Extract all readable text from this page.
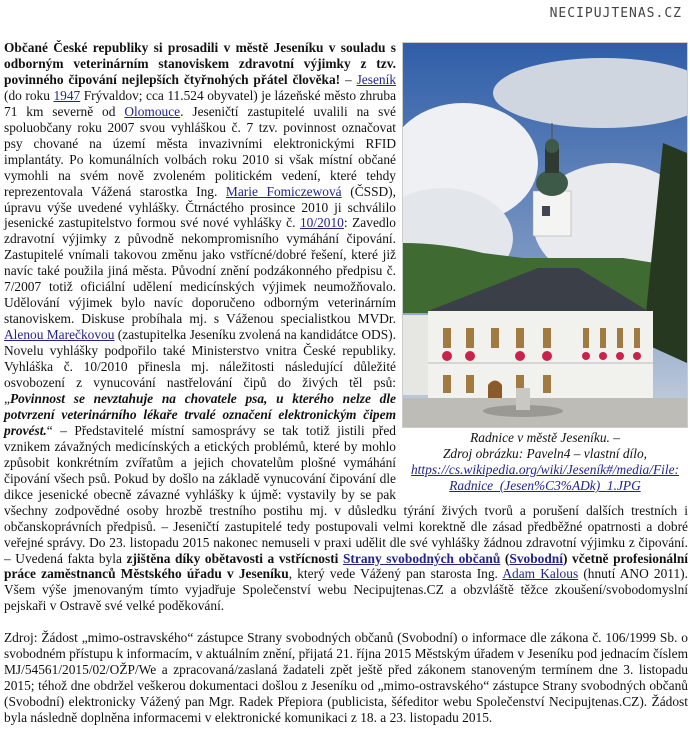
NECIPUJTENAS.CZ
Radnice v městě Jeseníku. –
Zdroj obrázku: Paveln4 – vlastní dílo,
https://cs.wikipedia.org/wiki/Jeseník#/media/File: Radnice_(Jesen%C3%ADk)_1.JPG

Občané České republiky si prosadili v městě Jeseníku v souladu s odborným veterinárním stanoviskem zdravotní výjimky z tzv. povinného čipování nejlepších čtyřnohých přátel člověka! – Jeseník (do roku 1947 Frývaldov; cca 11.524 obyvatel) je lázeňské město zhruba 71 km severně od Olomouce. Jeseničtí zastupitelé uvalili na své spoluobčany roku 2007 svou vyhláškou č. 7 tzv. povinnost označovat psy chované na území města invazivními elektronickými RFID implantáty. Po komunálních volbách roku 2010 si však místní občané vymohli na svém nově zvoleném politickém vedení, které tehdy reprezentovala Vážená starostka Ing. Marie Fomiczewová (ČSSD), úpravu výše uvedené vyhlášky. Čtrnáctého prosince 2010 ji schválilo jesenické zastupitelstvo formou své nové vyhlášky č. 10/2010: Zavedlo zdravotní výjimky z původně nekompromisního vymáhání čipování. Zastupitelé vnímali takovou změnu jako vstřícné/dobré řešení, které již navíc také použila jiná města. Původní znění podzákonného předpisu č. 7/2007 totiž oficiální udělení medicínských výjimek neumožňovalo. Udělování výjimek bylo navíc doporučeno odborným veterinárním stanoviskem. Diskuse probíhala mj. s Váženou specialistkou MVDr. Alenou Marečkovou (zastupitelka Jeseníku zvolená na kandidátce ODS). Novelu vyhlášky podpořilo také Ministerstvo vnitra České republiky. Vyhláška č. 10/2010 přinesla mj. náležitosti následující důležité osvobození z vynucování nastřelování čipů do živých těl psů: „Povinnost se nevztahuje na chovatele psa, u kterého nelze dle potvrzení veterinárního lékaře trvalé označení elektronickým čipem provést.“ – Představitelé místní samosprávy se tak totiž jistili před vznikem závažných medicínských a etických problémů, které by mohlo způsobit konkrétním zvířatům a jejich chovatelům plošné vymáhání čipování všech psů. Pokud by došlo na základě vynucování čipování dle dikce jesenické obecně závazné vyhlášky k újmě: vystavily by se pak všechny zodpovědné osoby hrozbě trestního postihu mj. v důsledku týrání živých tvorů a porušení dalších trestních i občanskoprávních předpisů. – Jeseničtí zastupitelé tedy postupovali velmi korektně dle zásad předběžné opatrnosti a dobré veřejné správy. Do 23. listopadu 2015 nakonec nemuseli v praxi udělit dle své vyhlášky žádnou zdravotní výjimku z čipování. – Uvedená fakta byla zjištěna díky obětavosti a vstřícnosti Strany svobodných občanů (Svobodní) včetně profesionální práce zaměstnanců Městského úřadu v Jeseníku, který vede Vážený pan starosta Ing. Adam Kalous (hnutí ANO 2011). Všem výše jmenovaným tímto vyjadřuje Společenství webu Necipujtenas.CZ a obzvláště těžce zkoušení/svobodomyslní pejskaři v Ostravě své velké poděkování.

Zdroj: Žádost „mimo-ostravského“ zástupce Strany svobodných občanů (Svobodní) o informace dle zákona č. 106/1999 Sb. o svobodném přístupu k informacím, v aktuálním znění, přijatá 21. října 2015 Městským úřadem v Jeseníku pod jednacím číslem MJ/54561/2015/02/OŽP/We a zpracovaná/zaslaná žadateli zpět ještě před zákonem stanoveným termínem dne 3. listopadu 2015; téhož dne obdržel veškerou dokumentaci došlou z Jeseníku od „mimo-ostravského“ zástupce Strany svobodných občanů (Svobodní) elektronicky Vážený pan Mgr. Radek Přepiora (publicista, šéfeditor webu Společenství Necipujtenas.CZ). Žádost byla následně doplněna informacemi v elektronické komunikaci z 18. a 23. listopadu 2015.
